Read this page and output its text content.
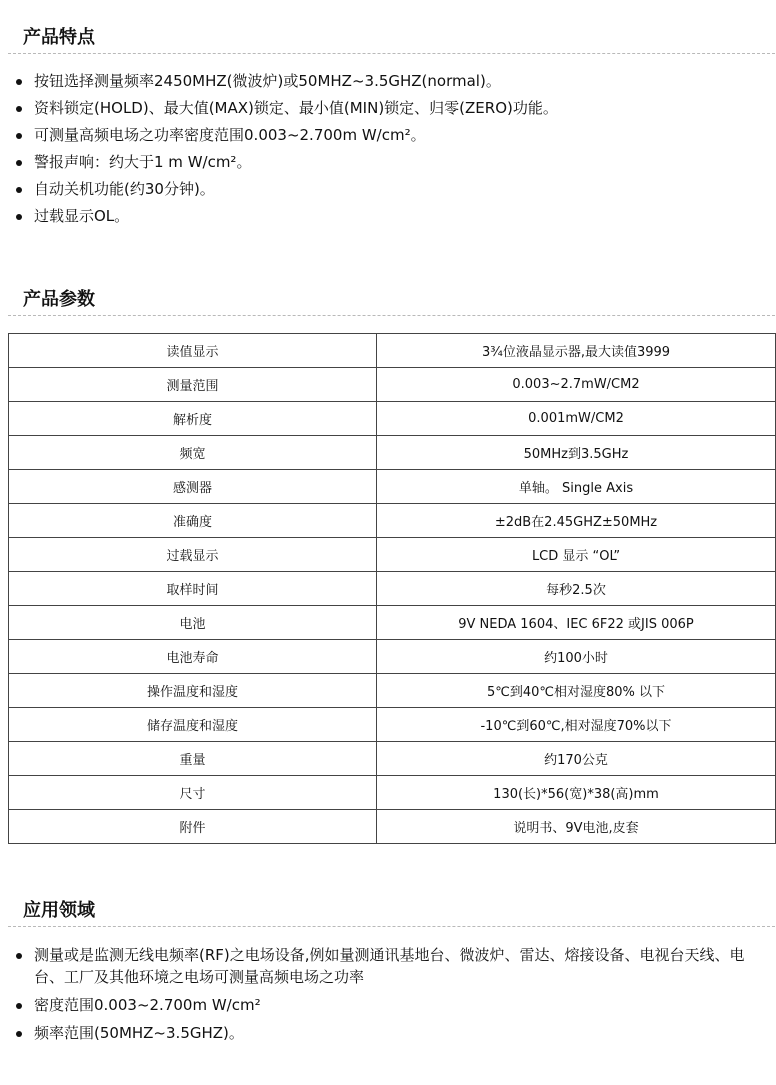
产品特点
按钮选择测量频率2450MHZ(微波炉)或50MHZ~3.5GHZ(normal)。
资料锁定(HOLD)、最大值(MAX)锁定、最小值(MIN)锁定、归零(ZERO)功能。
可测量高频电场之功率密度范围0.003~2.700m W/cm²。
警报声响：约大于1 m W/cm²。
自动关机功能(约30分钟)。
过载显示OL。
产品参数
读值显示	3¾位液晶显示器,最大读值3999
测量范围	0.003~2.7mW/CM2
解析度	0.001mW/CM2
频宽	50MHz到3.5GHz
感测器	单轴。 Single Axis
准确度	±2dB在2.45GHZ±50MHz
过载显示	LCD 显示 “OL”
取样时间	每秒2.5次
电池	9V NEDA 1604、IEC 6F22 或JIS 006P
电池寿命	约100小时
操作温度和湿度	5℃到40℃相对湿度80% 以下
储存温度和湿度	-10℃到60℃,相对湿度70%以下
重量	约170公克
尺寸	130(长)*56(宽)*38(高)mm
附件	说明书、9V电池,皮套
应用领域
测量或是监测无线电频率(RF)之电场设备,例如量测通讯基地台、微波炉、雷达、熔接设备、电视台天线、电台、工厂及其他环境之电场可测量高频电场之功率
密度范围0.003~2.700m W/cm²
频率范围(50MHZ~3.5GHZ)。
